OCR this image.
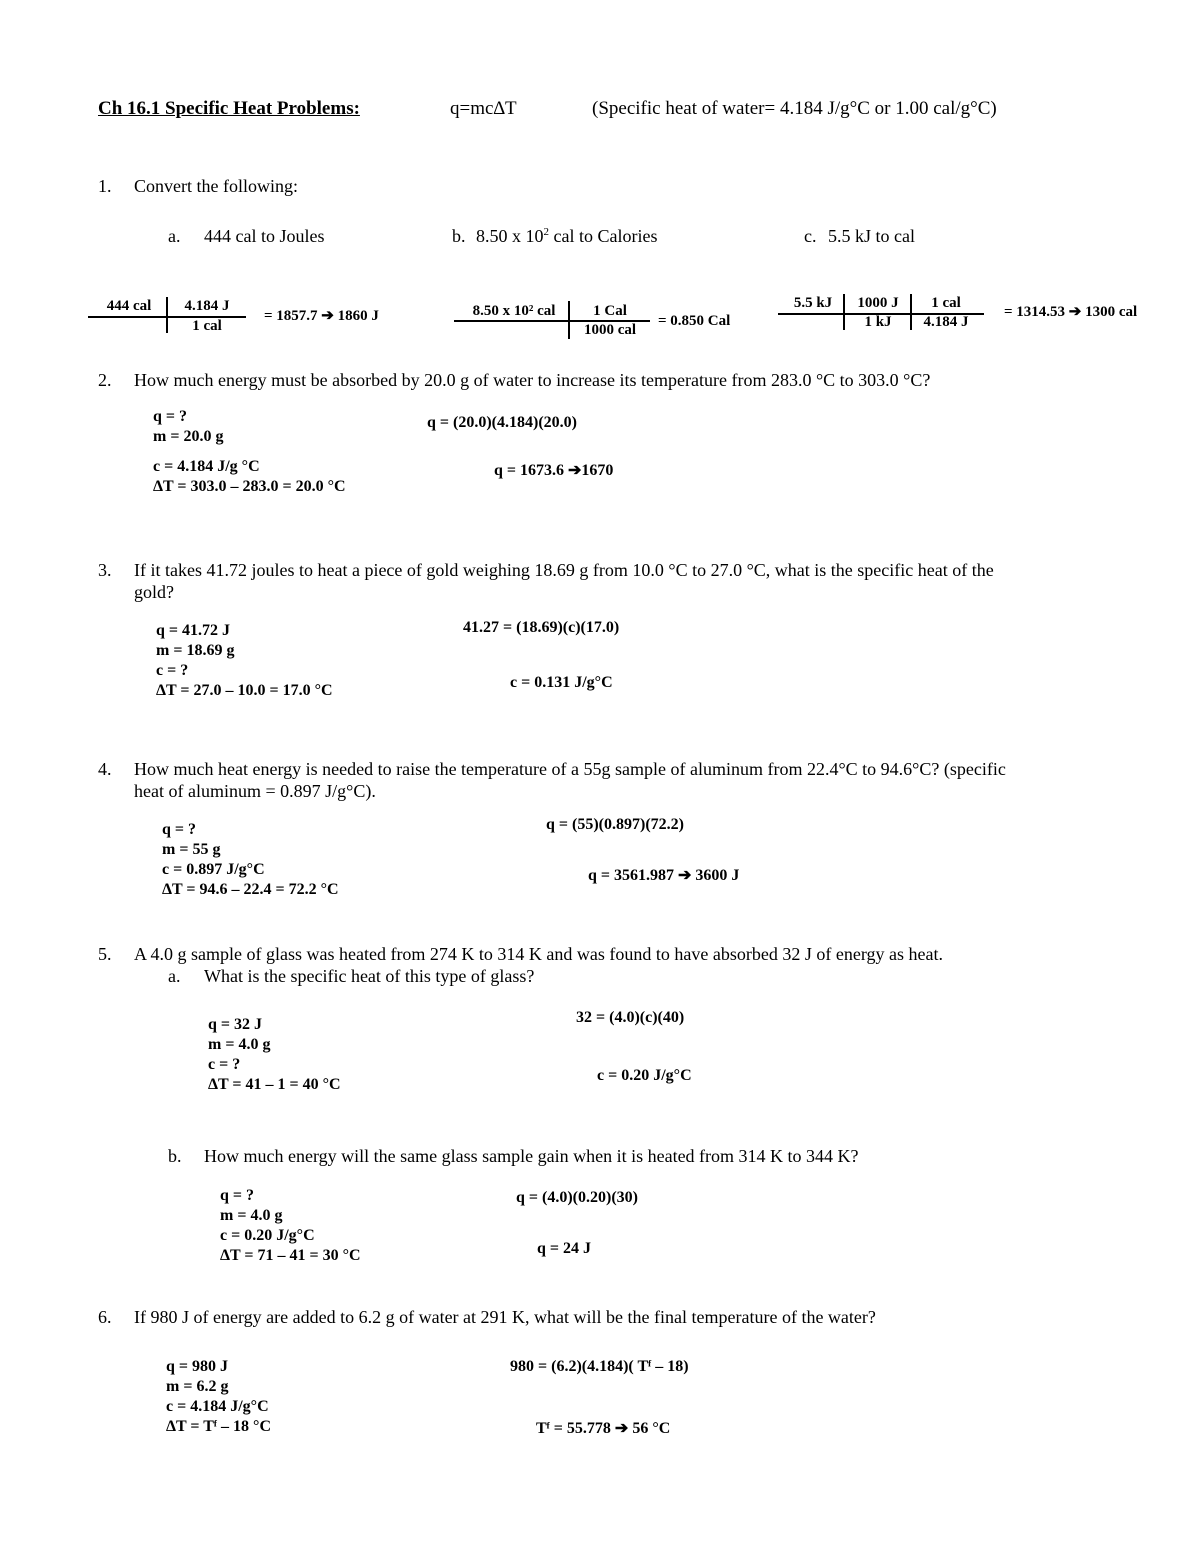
Ch 16.1 Specific Heat Problems:	q=mc∆T	(Specific heat of water= 4.184 J/g°C or 1.00 cal/g°C)
1. Convert the following:
a. 444 cal to Joules	b. 8.50 x $10^2$ cal to Calories	c. 5.5 kJ to cal
444 cal	4.184 J
1 cal
= 1857.7 ➔ 1860 J	8.50 x 10² cal	1 Cal
1000 cal
= 0.850 Cal
5.5 kJ	1000 J	1 cal
1 kJ	4.184 J
= 1314.53 ➔ 1300 cal
2. How much energy must be absorbed by 20.0 g of water to increase its temperature from 283.0 °C to 303.0 °C?
q = ?
m = 20.0 g
c = 4.184 J/g °C
ΔT = 303.0 – 283.0 = 20.0 °C
q = (20.0)(4.184)(20.0)
q = 1673.6 ➔1670
3. If it takes 41.72 joules to heat a piece of gold weighing 18.69 g from 10.0 °C to 27.0 °C, what is the specific heat of the
gold?
q = 41.72 J
m = 18.69 g
c = ?
ΔT = 27.0 – 10.0 = 17.0 °C
41.27 = (18.69)(c)(17.0)
c = 0.131 J/g°C
4. How much heat energy is needed to raise the temperature of a 55g sample of aluminum from 22.4°C to 94.6°C? (specific
heat of aluminum = 0.897 J/g°C).
q = ?
m = 55 g
c = 0.897 J/g°C
ΔT = 94.6 – 22.4 = 72.2 °C
q = (55)(0.897)(72.2)
q = 3561.987 ➔ 3600 J
5. A 4.0 g sample of glass was heated from 274 K to 314 K and was found to have absorbed 32 J of energy as heat.
a. What is the specific heat of this type of glass?
q = 32 J
m = 4.0 g
c = ?
ΔT = 41 – 1 = 40 °C
32 = (4.0)(c)(40)
c = 0.20 J/g°C
b. How much energy will the same glass sample gain when it is heated from 314 K to 344 K?
q = ?
m = 4.0 g
c = 0.20 J/g°C
ΔT = 71 – 41 = 30 °C
q = (4.0)(0.20)(30)
q = 24 J
6. If 980 J of energy are added to 6.2 g of water at 291 K, what will be the final temperature of the water?
q = 980 J
m = 6.2 g
c = 4.184 J/g°C
ΔT = Tᶠ – 18 °C
980 = (6.2)(4.184)( Tᶠ – 18)
Tᶠ = 55.778 ➔ 56 °C
